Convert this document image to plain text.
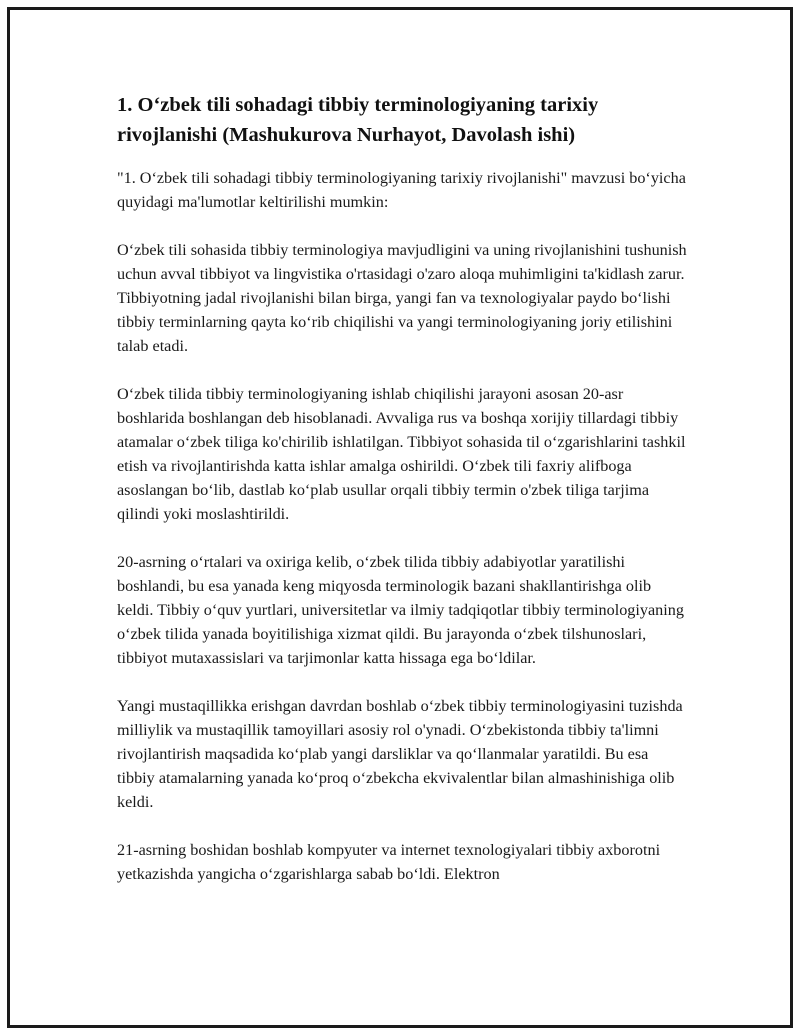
1. O‘zbek tili sohadagi tibbiy terminologiyaning tarixiy rivojlanishi (Mashukurova Nurhayot, Davolash ishi)

"1. O‘zbek tili sohadagi tibbiy terminologiyaning tarixiy rivojlanishi" mavzusi bo‘yicha quyidagi ma'lumotlar keltirilishi mumkin:

O‘zbek tili sohasida tibbiy terminologiya mavjudligini va uning rivojlanishini tushunish uchun avval tibbiyot va lingvistika o'rtasidagi o'zaro aloqa muhimligini ta'kidlash zarur. Tibbiyotning jadal rivojlanishi bilan birga, yangi fan va texnologiyalar paydo bo‘lishi tibbiy terminlarning qayta ko‘rib chiqilishi va yangi terminologiyaning joriy etilishini talab etadi.

O‘zbek tilida tibbiy terminologiyaning ishlab chiqilishi jarayoni asosan 20-asr boshlarida boshlangan deb hisoblanadi. Avvaliga rus va boshqa xorijiy tillardagi tibbiy atamalar o‘zbek tiliga ko'chirilib ishlatilgan. Tibbiyot sohasida til o‘zgarishlarini tashkil etish va rivojlantirishda katta ishlar amalga oshirildi. O‘zbek tili faxriy alifboga asoslangan bo‘lib, dastlab ko‘plab usullar orqali tibbiy termin o'zbek tiliga tarjima qilindi yoki moslashtirildi.

20-asrning o‘rtalari va oxiriga kelib, o‘zbek tilida tibbiy adabiyotlar yaratilishi boshlandi, bu esa yanada keng miqyosda terminologik bazani shakllantirishga olib keldi. Tibbiy o‘quv yurtlari, universitetlar va ilmiy tadqiqotlar tibbiy terminologiyaning o‘zbek tilida yanada boyitilishiga xizmat qildi. Bu jarayonda o‘zbek tilshunoslari, tibbiyot mutaxassislari va tarjimonlar katta hissaga ega bo‘ldilar.

Yangi mustaqillikka erishgan davrdan boshlab o‘zbek tibbiy terminologiyasini tuzishda milliylik va mustaqillik tamoyillari asosiy rol o'ynadi. O‘zbekistonda tibbiy ta'limni rivojlantirish maqsadida ko‘plab yangi darsliklar va qo‘llanmalar yaratildi. Bu esa tibbiy atamalarning yanada ko‘proq o‘zbekcha ekvivalentlar bilan almashinishiga olib keldi.

21-asrning boshidan boshlab kompyuter va internet texnologiyalari tibbiy axborotni yetkazishda yangicha o‘zgarishlarga sabab bo‘ldi. Elektron
